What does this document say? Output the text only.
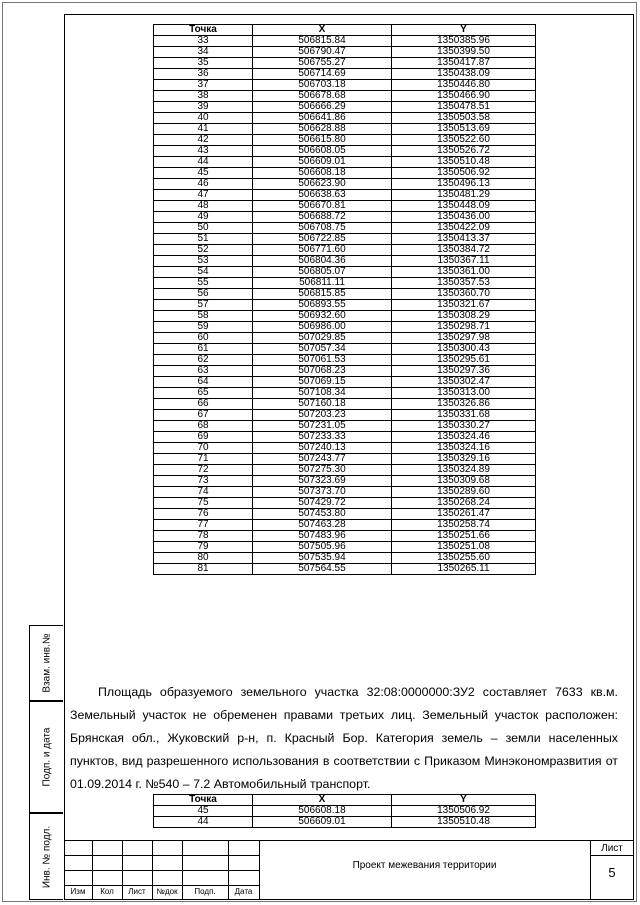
Взам. инв.№
Подп. и дата
Инв. № подл.
Точка	X	Y
33	506815.84	1350385.96
34	506790.47	1350399.50
35	506755.27	1350417.87
36	506714.69	1350438.09
37	506703.18	1350446.80
38	506678.68	1350466.90
39	506666.29	1350478.51
40	506641.86	1350503.58
41	506628.88	1350513.69
42	506615.80	1350522.60
43	506608.05	1350526.72
44	506609.01	1350510.48
45	506608.18	1350506.92
46	506623.90	1350496.13
47	506638.63	1350481.29
48	506670.81	1350448.09
49	506688.72	1350436.00
50	506708.75	1350422.09
51	506722.85	1350413.37
52	506771.60	1350384.72
53	506804.36	1350367.11
54	506805.07	1350361.00
55	506811.11	1350357.53
56	506815.85	1350360.70
57	506893.55	1350321.67
58	506932.60	1350308.29
59	506986.00	1350298.71
60	507029.85	1350297.98
61	507057.34	1350300.43
62	507061.53	1350295.61
63	507068.23	1350297.36
64	507069.15	1350302.47
65	507108.34	1350313.00
66	507160.18	1350326.86
67	507203.23	1350331.68
68	507231.05	1350330.27
69	507233.33	1350324.46
70	507240.13	1350324.16
71	507243.77	1350329.16
72	507275.30	1350324.89
73	507323.69	1350309.68
74	507373.70	1350289.60
75	507429.72	1350268.24
76	507453.80	1350261.47
77	507463.28	1350258.74
78	507483.96	1350251.66
79	507505.96	1350251.08
80	507535.94	1350255.60
81	507564.55	1350265.11
Площадь образуемого земельного участка 32:08:0000000:ЗУ2 составляет 7633 кв.м. Земельный участок не обременен правами третьих лиц. Земельный участок расположен: Брянская обл., Жуковский р-н, п. Красный Бор. Категория земель – земли населенных пунктов, вид разрешенного использования в соответствии с Приказом Минэкономразвития от 01.09.2014 г. №540 – 7.2 Автомобильный транспорт.
Точка	X	Y
45	506608.18	1350506.92
44	506609.01	1350510.48
Изм	Кол	Лист	№док	Подп.	Дата
Проект межевания территории
Лист
5
